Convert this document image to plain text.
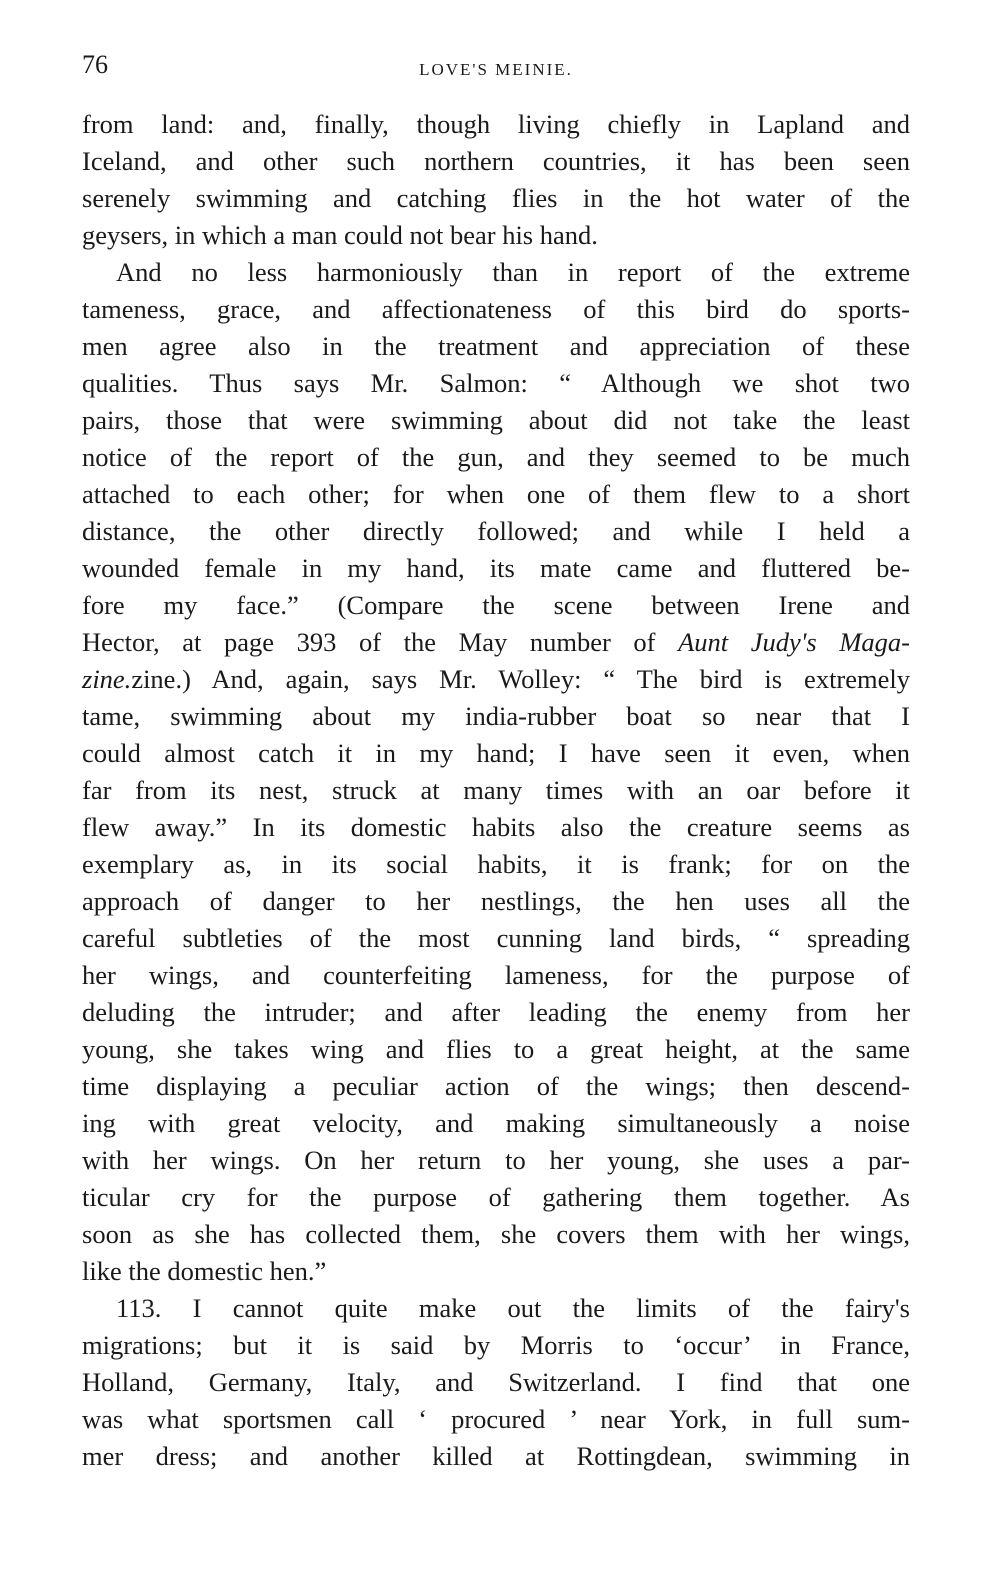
76	LOVE'S MEINIE.

from land: and, finally, though living chiefly in Lapland and
Iceland, and other such northern countries, it has been seen
serenely swimming and catching flies in the hot water of the
geysers, in which a man could not bear his hand.

And no less harmoniously than in report of the extreme
tameness, grace, and affectionateness of this bird do sports-
men agree also in the treatment and appreciation of these
qualities. Thus says Mr. Salmon: “ Although we shot two
pairs, those that were swimming about did not take the least
notice of the report of the gun, and they seemed to be much
attached to each other; for when one of them flew to a short
distance, the other directly followed; and while I held a
wounded female in my hand, its mate came and fluttered be-
fore my face.” (Compare the scene between Irene and
Hector, at page 393 of the May number of Aunt Judy's Maga-
zine.zine.) And, again, says Mr. Wolley: “ The bird is extremely
tame, swimming about my india-rubber boat so near that I
could almost catch it in my hand; I have seen it even, when
far from its nest, struck at many times with an oar before it
flew away.” In its domestic habits also the creature seems as
exemplary as, in its social habits, it is frank; for on the
approach of danger to her nestlings, the hen uses all the
careful subtleties of the most cunning land birds, “ spreading
her wings, and counterfeiting lameness, for the purpose of
deluding the intruder; and after leading the enemy from her
young, she takes wing and flies to a great height, at the same
time displaying a peculiar action of the wings; then descend-
ing with great velocity, and making simultaneously a noise
with her wings. On her return to her young, she uses a par-
ticular cry for the purpose of gathering them together. As
soon as she has collected them, she covers them with her wings,
like the domestic hen.”

113. I cannot quite make out the limits of the fairy's
migrations; but it is said by Morris to ‘occur’ in France,
Holland, Germany, Italy, and Switzerland. I find that one
was what sportsmen call ‘ procured ’ near York, in full sum-
mer dress; and another killed at Rottingdean, swimming in
